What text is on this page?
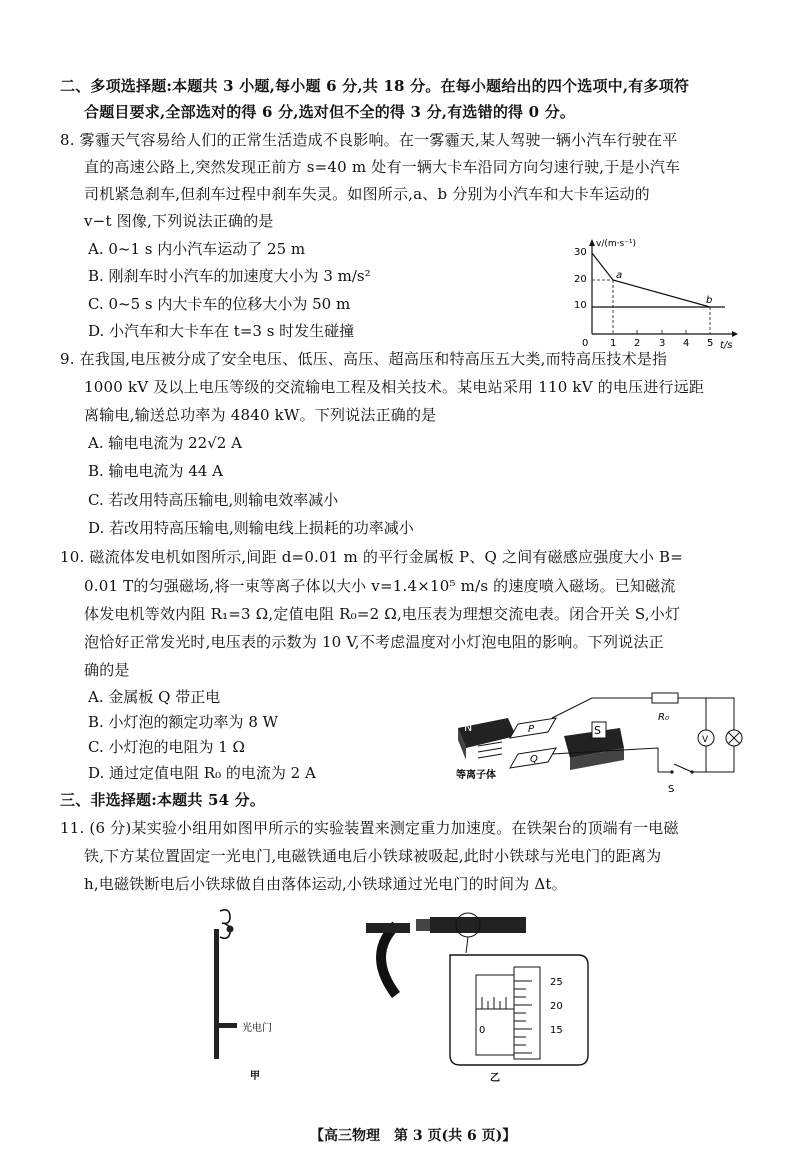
二、多项选择题:本题共 3 小题,每小题 6 分,共 18 分。在每小题给出的四个选项中,有多项符
合题目要求,全部选对的得 6 分,选对但不全的得 3 分,有选错的得 0 分。
8. 雾霾天气容易给人们的正常生活造成不良影响。在一雾霾天,某人驾驶一辆小汽车行驶在平
直的高速公路上,突然发现正前方 s=40 m 处有一辆大卡车沿同方向匀速行驶,于是小汽车
司机紧急刹车,但刹车过程中刹车失灵。如图所示,a、b 分别为小汽车和大卡车运动的
v−t 图像,下列说法正确的是
A. 0~1 s 内小汽车运动了 25 m
B. 刚刹车时小汽车的加速度大小为 3 m/s²
C. 0~5 s 内大卡车的位移大小为 50 m
D. 小汽车和大卡车在 t=3 s 时发生碰撞
v/(m·s⁻¹)
t/s
0
10
20
30
1 2 3 4 5
a
b
9. 在我国,电压被分成了安全电压、低压、高压、超高压和特高压五大类,而特高压技术是指
1000 kV 及以上电压等级的交流输电工程及相关技术。某电站采用 110 kV 的电压进行远距
离输电,输送总功率为 4840 kW。下列说法正确的是
A. 输电电流为 22√2 A
B. 输电电流为 44 A
C. 若改用特高压输电,则输电效率减小
D. 若改用特高压输电,则输电线上损耗的功率减小
10. 磁流体发电机如图所示,间距 d=0.01 m 的平行金属板 P、Q 之间有磁感应强度大小 B=
0.01 T的匀强磁场,将一束等离子体以大小 v=1.4×10⁵ m/s 的速度喷入磁场。已知磁流
体发电机等效内阻 R₁=3 Ω,定值电阻 R₀=2 Ω,电压表为理想交流电表。闭合开关 S,小灯
泡恰好正常发光时,电压表的示数为 10 V,不考虑温度对小灯泡电阻的影响。下列说法正
确的是
A. 金属板 Q 带正电
B. 小灯泡的额定功率为 8 W
C. 小灯泡的电阻为 1 Ω
D. 通过定值电阻 R₀ 的电流为 2 A
N	S
P
Q
等离子体
R₀
V
S
三、非选择题:本题共 54 分。
11. (6 分)某实验小组用如图甲所示的实验装置来测定重力加速度。在铁架台的顶端有一电磁
铁,下方某位置固定一光电门,电磁铁通电后小铁球被吸起,此时小铁球与光电门的距离为
h,电磁铁断电后小铁球做自由落体运动,小铁球通过光电门的时间为 Δt。
光电门
甲
0
25
20
15
乙
【高三物理　第 3 页(共 6 页)】
